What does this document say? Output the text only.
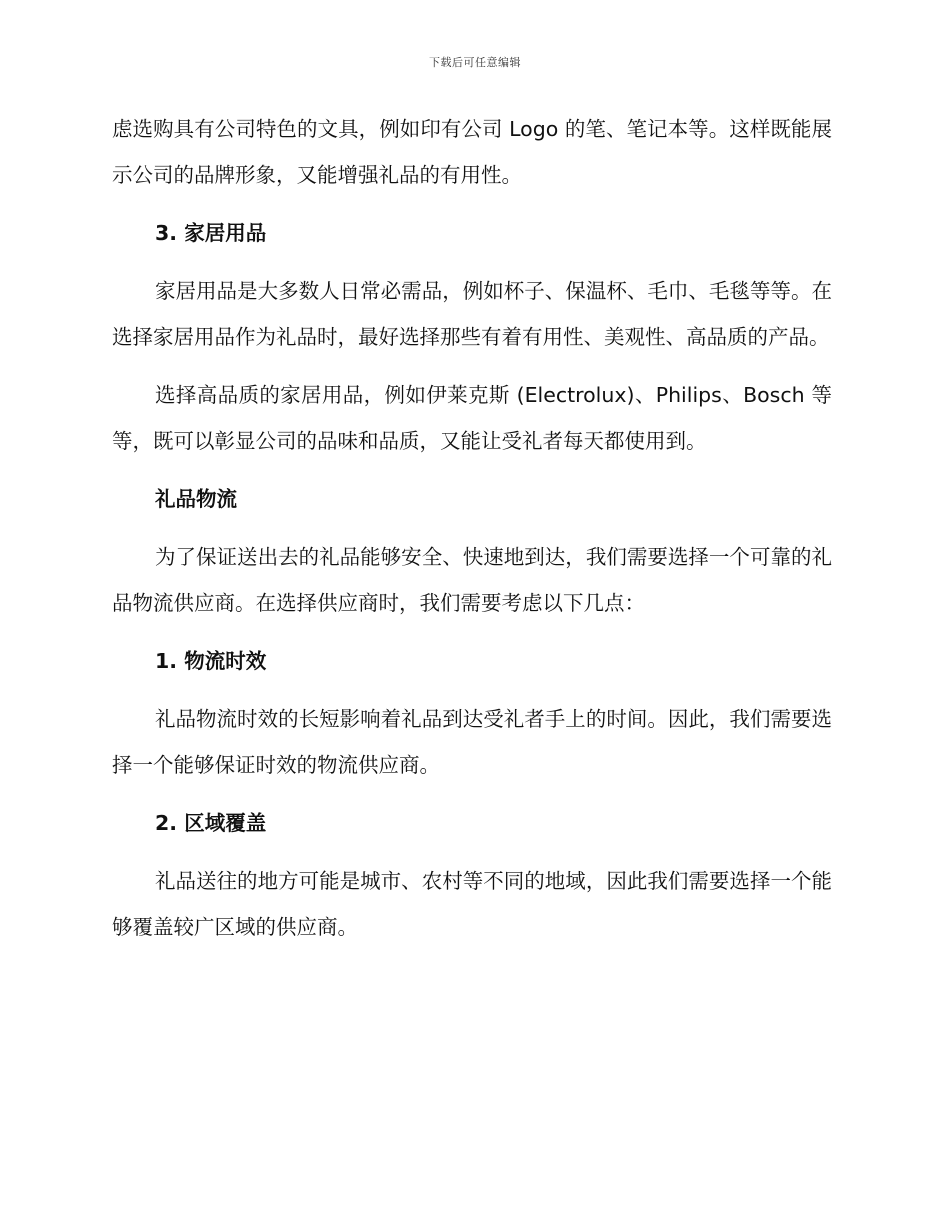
下载后可任意编辑

虑选购具有公司特色的文具，例如印有公司 Logo 的笔、笔记本等。这样既能展示公司的品牌形象，又能增强礼品的有用性。

3. 家居用品

家居用品是大多数人日常必需品，例如杯子、保温杯、毛巾、毛毯等等。在选择家居用品作为礼品时，最好选择那些有着有用性、美观性、高品质的产品。

选择高品质的家居用品，例如伊莱克斯 (Electrolux)、Philips、Bosch 等等，既可以彰显公司的品味和品质，又能让受礼者每天都使用到。

礼品物流

为了保证送出去的礼品能够安全、快速地到达，我们需要选择一个可靠的礼品物流供应商。在选择供应商时，我们需要考虑以下几点：

1. 物流时效

礼品物流时效的长短影响着礼品到达受礼者手上的时间。因此，我们需要选择一个能够保证时效的物流供应商。

2. 区域覆盖

礼品送往的地方可能是城市、农村等不同的地域，因此我们需要选择一个能够覆盖较广区域的供应商。
